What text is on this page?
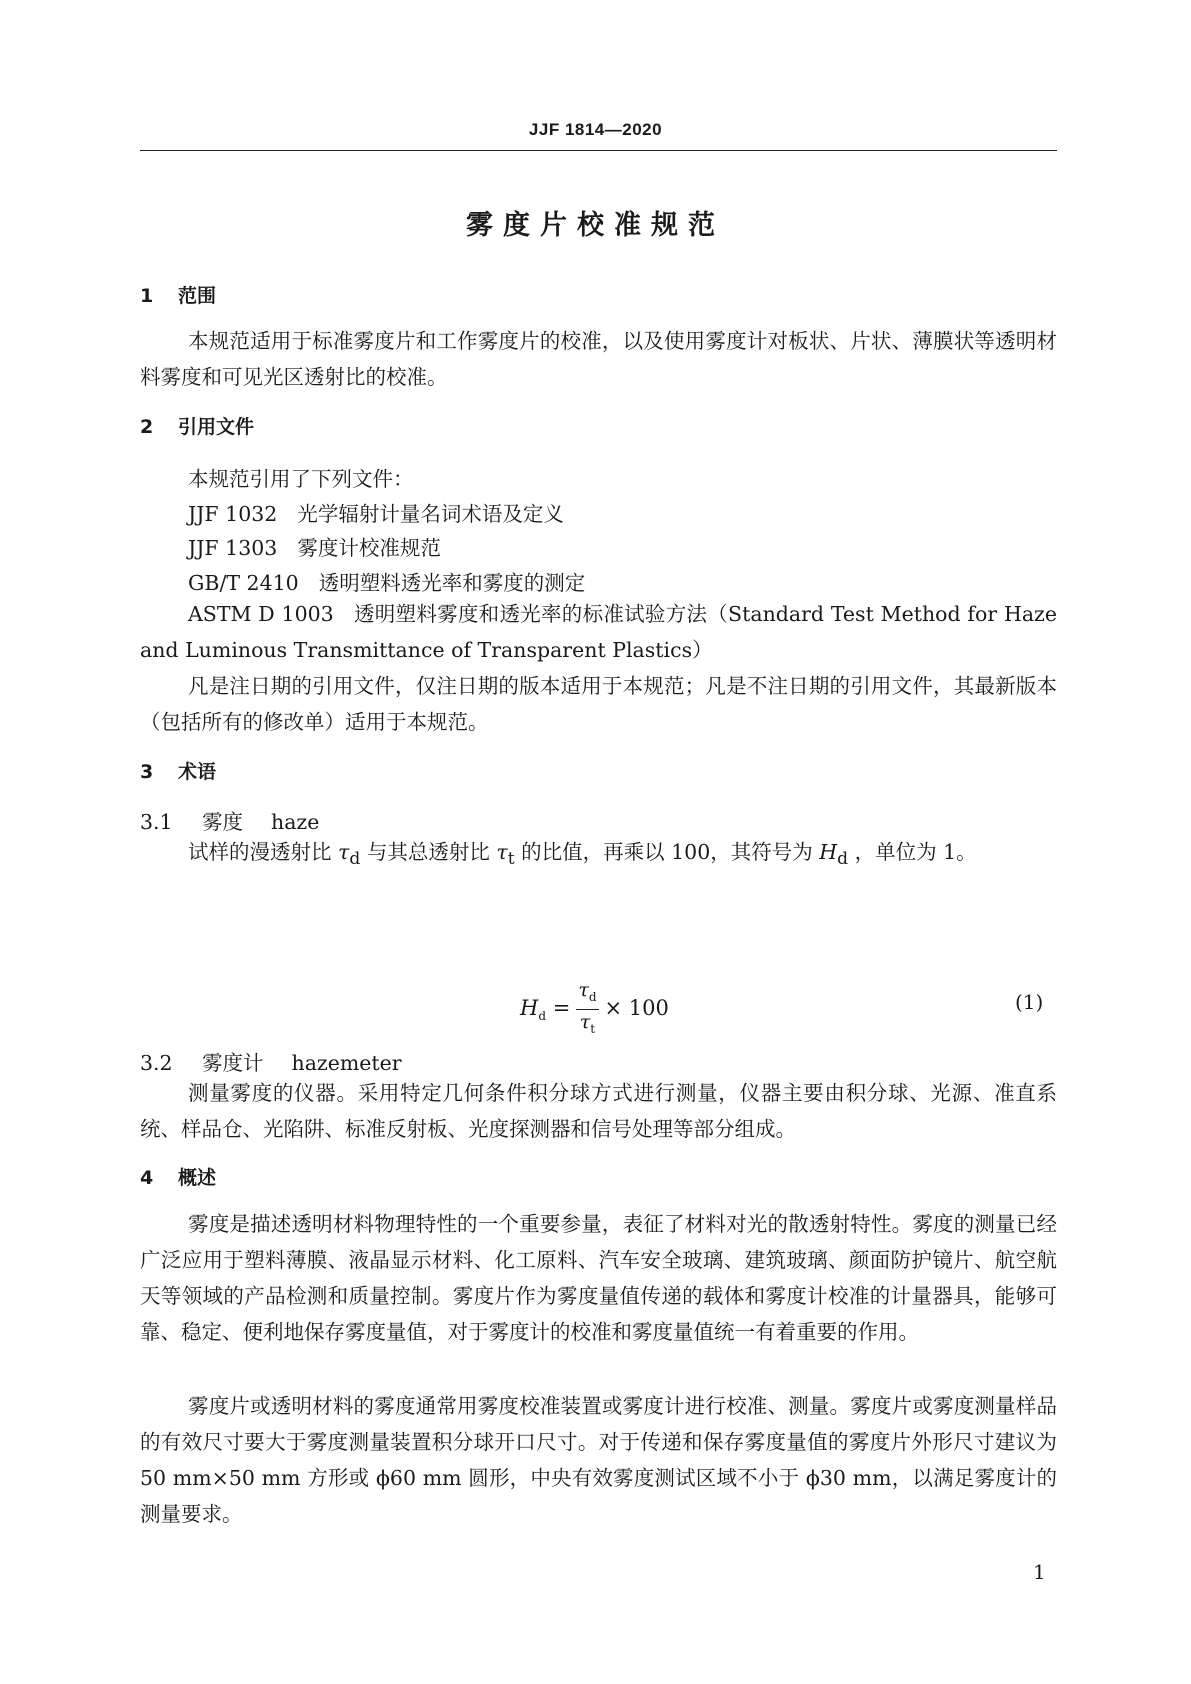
JJF 1814—2020
雾度片校准规范
1 范围
本规范适用于标准雾度片和工作雾度片的校准，以及使用雾度计对板状、片状、薄膜状等透明材料雾度和可见光区透射比的校准。
2 引用文件
本规范引用了下列文件：
JJF 1032 光学辐射计量名词术语及定义
JJF 1303 雾度计校准规范
GB/T 2410 透明塑料透光率和雾度的测定
ASTM D 1003 透明塑料雾度和透光率的标准试验方法（Standard Test Method for Haze and Luminous Transmittance of Transparent Plastics）
凡是注日期的引用文件，仅注日期的版本适用于本规范；凡是不注日期的引用文件，其最新版本（包括所有的修改单）适用于本规范。
3 术语
3.1 雾度 haze
试样的漫透射比 $\tau_d$ 与其总透射比 $\tau_t$ 的比值，再乘以 100，其符号为 $H_d$ ，单位为 1。
$H_d = \frac{\tau_d}{\tau_t} \times 100$	(1)
3.2 雾度计 hazemeter
测量雾度的仪器。采用特定几何条件积分球方式进行测量，仪器主要由积分球、光源、准直系统、样品仓、光陷阱、标准反射板、光度探测器和信号处理等部分组成。
4 概述
雾度是描述透明材料物理特性的一个重要参量，表征了材料对光的散透射特性。雾度的测量已经广泛应用于塑料薄膜、液晶显示材料、化工原料、汽车安全玻璃、建筑玻璃、颜面防护镜片、航空航天等领域的产品检测和质量控制。雾度片作为雾度量值传递的载体和雾度计校准的计量器具，能够可靠、稳定、便利地保存雾度量值，对于雾度计的校准和雾度量值统一有着重要的作用。
雾度片或透明材料的雾度通常用雾度校准装置或雾度计进行校准、测量。雾度片或雾度测量样品的有效尺寸要大于雾度测量装置积分球开口尺寸。对于传递和保存雾度量值的雾度片外形尺寸建议为 50 mm×50 mm 方形或 ϕ60 mm 圆形，中央有效雾度测试区域不小于 ϕ30 mm，以满足雾度计的测量要求。
1
